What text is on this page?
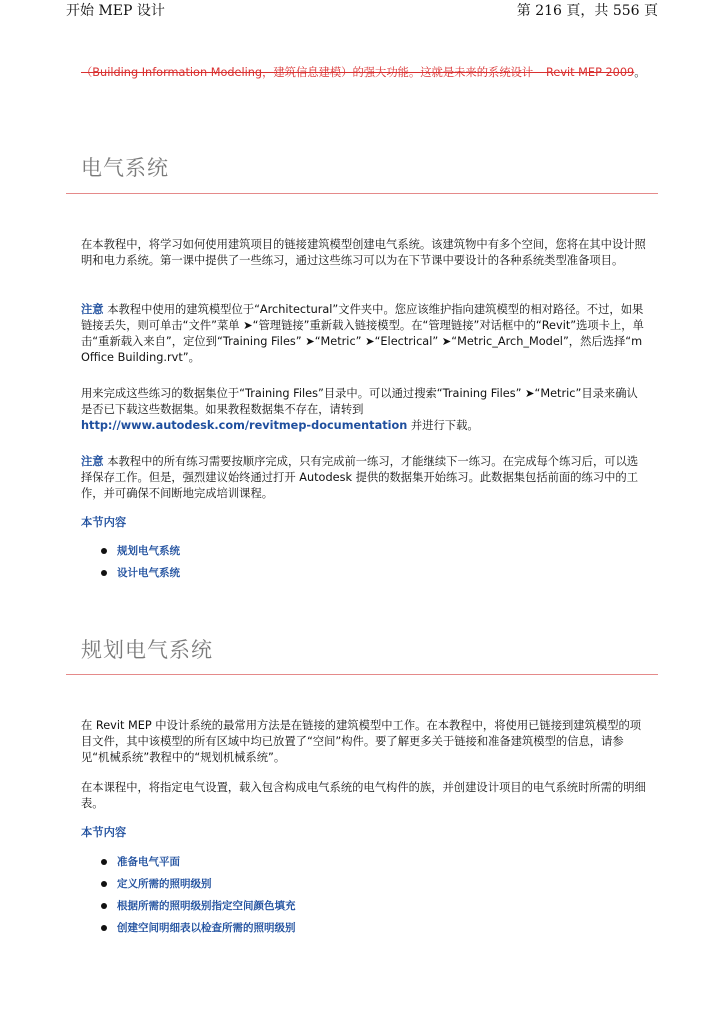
开始 MEP 设计	第 216 頁，共 556 頁
（Building Information Modeling，建筑信息建模）的强大功能。这就是未来的系统设计 – Revit MEP 2009。
电气系统
在本教程中，将学习如何使用建筑项目的链接建筑模型创建电气系统。该建筑物中有多个空间，您将在其中设计照明和电力系统。第一课中提供了一些练习，通过这些练习可以为在下节课中要设计的各种系统类型准备项目。
注意 本教程中使用的建筑模型位于“Architectural”文件夹中。您应该维护指向建筑模型的相对路径。不过，如果链接丢失，则可单击“文件”菜单 ➤“管理链接”重新载入链接模型。在“管理链接”对话框中的“Revit”选项卡上，单击“重新载入来自”，定位到“Training Files” ➤“Metric” ➤“Electrical” ➤“Metric_Arch_Model”，然后选择“m Office Building.rvt”。
用来完成这些练习的数据集位于“Training Files”目录中。可以通过搜索“Training Files” ➤“Metric”目录来确认是否已下载这些数据集。如果教程数据集不存在，请转到
http://www.autodesk.com/revitmep-documentation 并进行下载。
注意 本教程中的所有练习需要按顺序完成，只有完成前一练习，才能继续下一练习。在完成每个练习后，可以选择保存工作。但是，强烈建议始终通过打开 Autodesk 提供的数据集开始练习。此数据集包括前面的练习中的工作，并可确保不间断地完成培训课程。
本节内容
规划电气系统
设计电气系统
规划电气系统
在 Revit MEP 中设计系统的最常用方法是在链接的建筑模型中工作。在本教程中，将使用已链接到建筑模型的项目文件，其中该模型的所有区域中均已放置了“空间”构件。要了解更多关于链接和准备建筑模型的信息，请参见“机械系统”教程中的“规划机械系统”。
在本课程中，将指定电气设置，载入包含构成电气系统的电气构件的族，并创建设计项目的电气系统时所需的明细表。
本节内容
准备电气平面
定义所需的照明级别
根据所需的照明级别指定空间颜色填充
创建空间明细表以检查所需的照明级别
